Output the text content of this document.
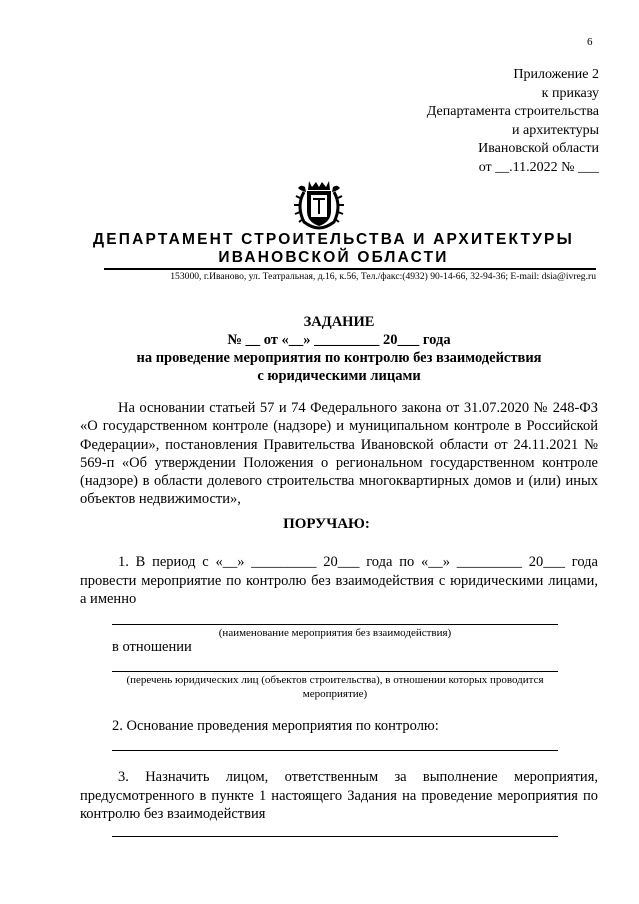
6
Приложение 2
к приказу
Департамента строительства
и архитектуры
Ивановской области
от __.11.2022 № ___
ДЕПАРТАМЕНТ СТРОИТЕЛЬСТВА И АРХИТЕКТУРЫ
ИВАНОВСКОЙ ОБЛАСТИ
153000, г.Иваново, ул. Театральная, д.16, к.56, Тел./факс:(4932) 90-14-66, 32-94-36; E-mail: dsia@ivreg.ru
ЗАДАНИЕ
№ __ от «__» _________ 20___ года
на проведение мероприятия по контролю без взаимодействия
с юридическими лицами

На основании статьей 57 и 74 Федерального закона от 31.07.2020 № 248-ФЗ «О государственном контроле (надзоре) и муниципальном контроле в Российской Федерации», постановления Правительства Ивановской области от 24.11.2021 № 569-п «Об утверждении Положения о региональном государственном контроле (надзоре) в области долевого строительства многоквартирных домов и (или) иных объектов недвижимости»,

ПОРУЧАЮ:

1. В период с «__» _________ 20___ года по «__» _________ 20___ года провести мероприятие по контролю без взаимодействия с юридическими лицами, а именно

(наименование мероприятия без взаимодействия)
в отношении
(перечень юридических лиц (объектов строительства), в отношении которых проводится мероприятие)
2. Основание проведения мероприятия по контролю:

3. Назначить лицом, ответственным за выполнение мероприятия, предусмотренного в пункте 1 настоящего Задания на проведение мероприятия по контролю без взаимодействия
